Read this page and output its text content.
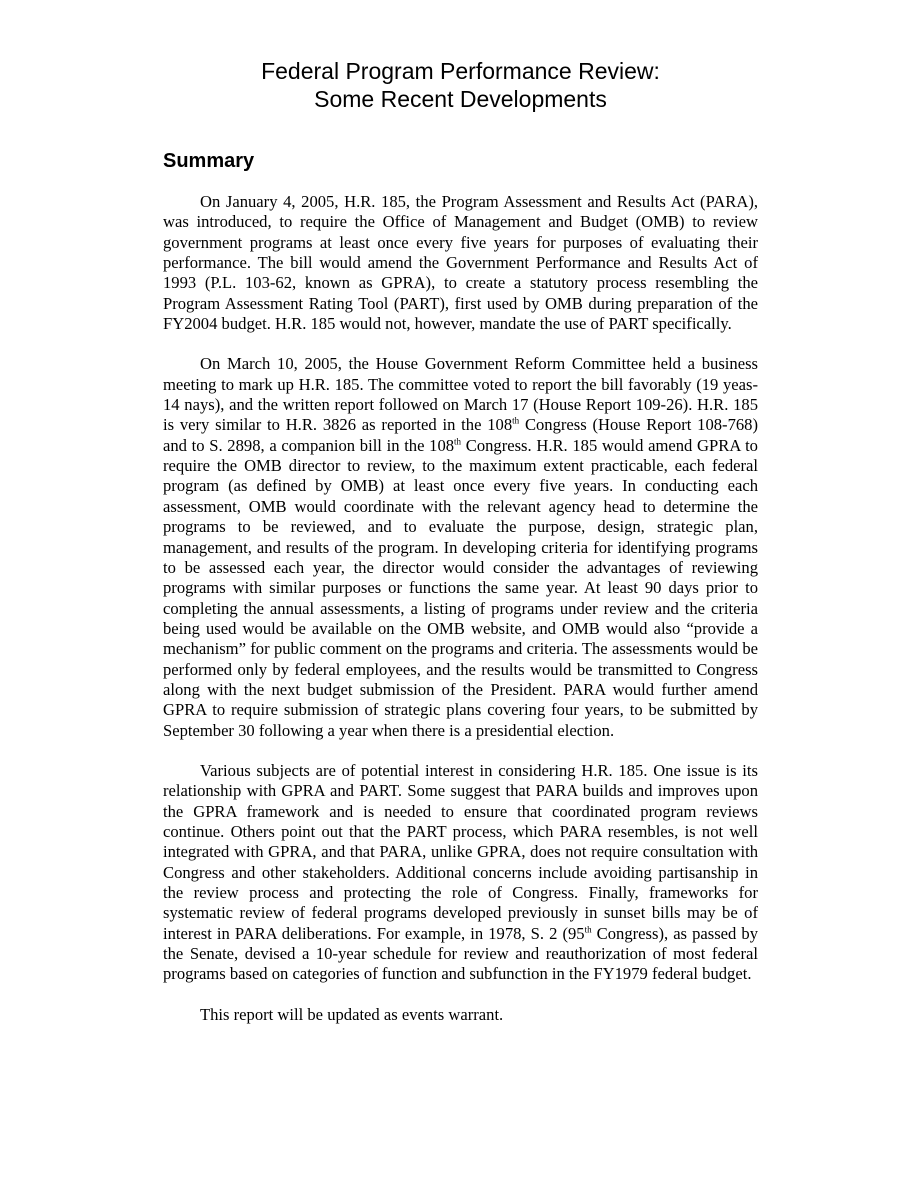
Federal Program Performance Review:
Some Recent Developments
Summary

On January 4, 2005, H.R. 185, the Program Assessment and Results Act (PARA), was introduced, to require the Office of Management and Budget (OMB) to review government programs at least once every five years for purposes of evaluating their performance. The bill would amend the Government Performance and Results Act of 1993 (P.L. 103-62, known as GPRA), to create a statutory process resembling the Program Assessment Rating Tool (PART), first used by OMB during preparation of the FY2004 budget. H.R. 185 would not, however, mandate the use of PART specifically.

On March 10, 2005, the House Government Reform Committee held a business meeting to mark up H.R. 185. The committee voted to report the bill favorably (19 yeas-14 nays), and the written report followed on March 17 (House Report 109-26). H.R. 185 is very similar to H.R. 3826 as reported in the 108th Congress (House Report 108-768) and to S. 2898, a companion bill in the 108th Congress. H.R. 185 would amend GPRA to require the OMB director to review, to the maximum extent practicable, each federal program (as defined by OMB) at least once every five years. In conducting each assessment, OMB would coordinate with the relevant agency head to determine the programs to be reviewed, and to evaluate the purpose, design, strategic plan, management, and results of the program. In developing criteria for identifying programs to be assessed each year, the director would consider the advantages of reviewing programs with similar purposes or functions the same year. At least 90 days prior to completing the annual assessments, a listing of programs under review and the criteria being used would be available on the OMB website, and OMB would also “provide a mechanism” for public comment on the programs and criteria. The assessments would be performed only by federal employees, and the results would be transmitted to Congress along with the next budget submission of the President. PARA would further amend GPRA to require submission of strategic plans covering four years, to be submitted by September 30 following a year when there is a presidential election.

Various subjects are of potential interest in considering H.R. 185. One issue is its relationship with GPRA and PART. Some suggest that PARA builds and improves upon the GPRA framework and is needed to ensure that coordinated program reviews continue. Others point out that the PART process, which PARA resembles, is not well integrated with GPRA, and that PARA, unlike GPRA, does not require consultation with Congress and other stakeholders. Additional concerns include avoiding partisanship in the review process and protecting the role of Congress. Finally, frameworks for systematic review of federal programs developed previously in sunset bills may be of interest in PARA deliberations. For example, in 1978, S. 2 (95th Congress), as passed by the Senate, devised a 10-year schedule for review and reauthorization of most federal programs based on categories of function and subfunction in the FY1979 federal budget.

This report will be updated as events warrant.
